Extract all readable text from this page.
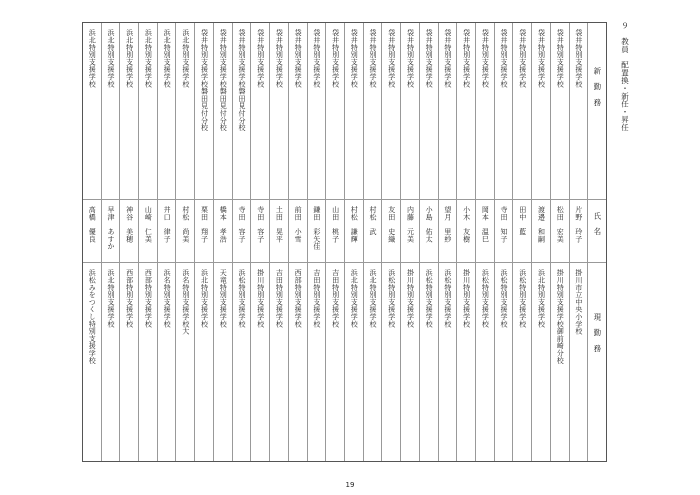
９　教員　配置換・新任・昇任
新　勤　務
氏　名
現　勤　務
袋井特別支援学校
片野　玲子
掛川市立中央小学校
袋井特別支援学校
松田　宏美
掛川特別支援学校御前崎分校
袋井特別支援学校
渡邉　和嗣
浜北特別支援学校
袋井特別支援学校
田中　藍
浜松特別支援学校
袋井特別支援学校
寺田　知子
浜松特別支援学校
袋井特別支援学校
岡本　温巳
浜松特別支援学校
袋井特別支援学校
小木　友樹
掛川特別支援学校
袋井特別支援学校
望月　里紗
浜松特別支援学校
袋井特別支援学校
小島　佑太
浜松特別支援学校
袋井特別支援学校
内藤　元美
掛川特別支援学校
袋井特別支援学校
友田　史織
浜松特別支援学校
袋井特別支援学校
村松　武
浜北特別支援学校
袋井特別支援学校
村松　謙輝
浜北特別支援学校
袋井特別支援学校
山田　桃子
吉田特別支援学校
袋井特別支援学校
鎌田　彩矢佳
吉田特別支援学校
袋井特別支援学校
前田　小雪
西部特別支援学校
袋井特別支援学校
土田　晃平
吉田特別支援学校
袋井特別支援学校
寺田　容子
掛川特別支援学校
袋井特別支援学校磐田見付分校
寺田　容子
浜松特別支援学校
袋井特別支援学校磐田見付分校
橋本　孝浩
天竜特別支援学校
袋井特別支援学校磐田見付分校
栗田　翔子
浜北特別支援学校
浜北特別支援学校
村松　尚美
浜名特別支援学校大
浜北特別支援学校
井口　律子
浜名特別支援学校
浜北特別支援学校
山崎　仁美
西部特別支援学校
浜北特別支援学校
神谷　美穂
西部特別支援学校
浜北特別支援学校
早津　あすか
浜北特別支援学校
浜北特別支援学校
高橋　優良
浜松みをつくし特別支援学校
19
